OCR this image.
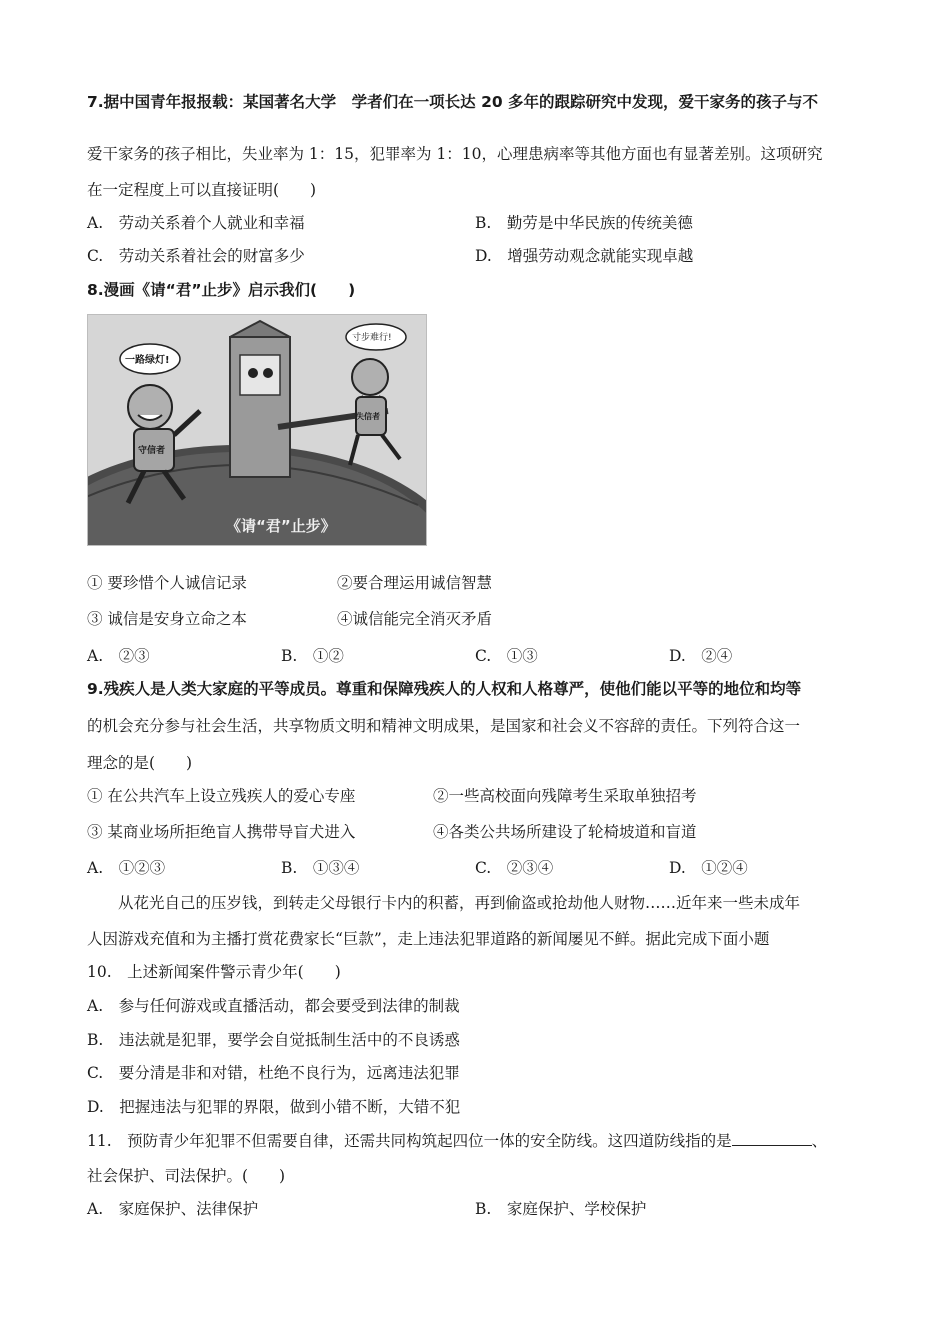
7.据中国青年报报载：某国著名大学　学者们在一项长达 20 多年的跟踪研究中发现，爱干家务的孩子与不
爱干家务的孩子相比，失业率为 1：15，犯罪率为 1：10，心理患病率等其他方面也有显著差别。这项研究
在一定程度上可以直接证明(　　)
A.　劳动关系着个人就业和幸福	B.　勤劳是中华民族的传统美德
C.　劳动关系着社会的财富多少	D.　增强劳动观念就能实现卓越
8.漫画《请“君”止步》启示我们(　　)
一路绿灯!
寸步难行!
守信者
失信者
《请“君”止步》
① 要珍惜个人诚信记录	②要合理运用诚信智慧
③ 诚信是安身立命之本	④诚信能完全消灭矛盾
A.　②③	B.　①②	C.　①③	D.　②④
9.残疾人是人类大家庭的平等成员。尊重和保障残疾人的人权和人格尊严，使他们能以平等的地位和均等
的机会充分参与社会生活，共享物质文明和精神文明成果，是国家和社会义不容辞的责任。下列符合这一
理念的是(　　)
① 在公共汽车上设立残疾人的爱心专座	②一些高校面向残障考生采取单独招考
③ 某商业场所拒绝盲人携带导盲犬进入	④各类公共场所建设了轮椅坡道和盲道
A.　①②③	B.　①③④	C.　②③④	D.　①②④
　　从花光自己的压岁钱，到转走父母银行卡内的积蓄，再到偷盗或抢劫他人财物……近年来一些未成年
人因游戏充值和为主播打赏花费家长“巨款”，走上违法犯罪道路的新闻屡见不鲜。据此完成下面小题
10.　上述新闻案件警示青少年(　　)
A.　参与任何游戏或直播活动，都会要受到法律的制裁
B.　违法就是犯罪，要学会自觉抵制生活中的不良诱惑
C.　要分清是非和对错，杜绝不良行为，远离违法犯罪
D.　把握违法与犯罪的界限，做到小错不断，大错不犯
11.　预防青少年犯罪不但需要自律，还需共同构筑起四位一体的安全防线。这四道防线指的是	、
社会保护、司法保护。(　　)
A.　家庭保护、法律保护	B.　家庭保护、学校保护
